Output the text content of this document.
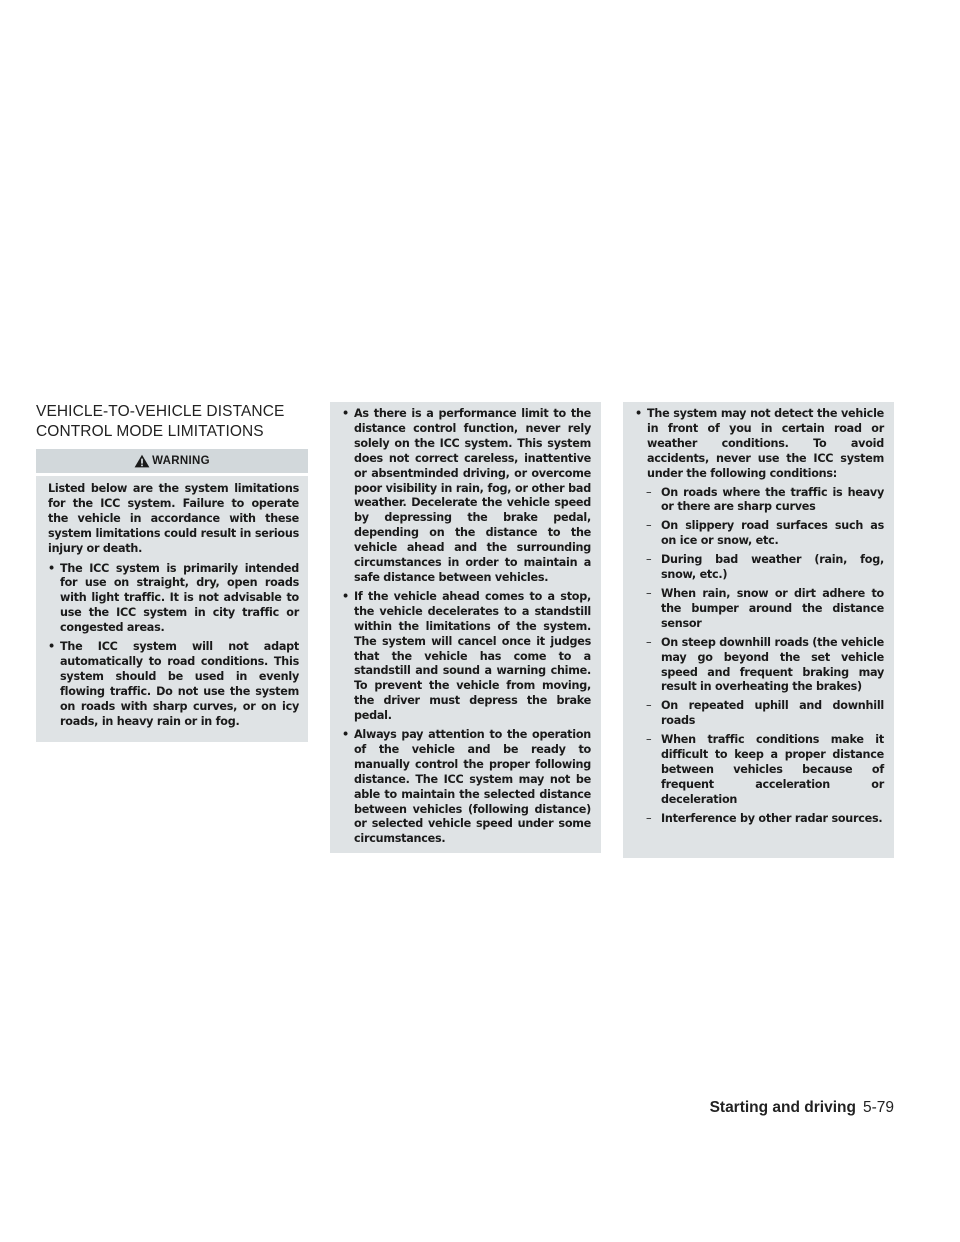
VEHICLE-TO-VEHICLE DISTANCE CONTROL MODE LIMITATIONS
WARNING
Listed below are the system limitations for the ICC system. Failure to operate the vehicle in accordance with these system limitations could result in serious injury or death.
• The ICC system is primarily intended for use on straight, dry, open roads with light traffic. It is not advisable to use the ICC system in city traffic or congested areas.
• The ICC system will not adapt automatically to road conditions. This system should be used in evenly flowing traffic. Do not use the system on roads with sharp curves, or on icy roads, in heavy rain or in fog.
• As there is a performance limit to the distance control function, never rely solely on the ICC system. This system does not correct careless, inattentive or absentminded driving, or overcome poor visibility in rain, fog, or other bad weather. Decelerate the vehicle speed by depressing the brake pedal, depending on the distance to the vehicle ahead and the surrounding circumstances in order to maintain a safe distance between vehicles.
• If the vehicle ahead comes to a stop, the vehicle decelerates to a standstill within the limitations of the system. The system will cancel once it judges that the vehicle has come to a standstill and sound a warning chime. To prevent the vehicle from moving, the driver must depress the brake pedal.
• Always pay attention to the operation of the vehicle and be ready to manually control the proper following distance. The ICC system may not be able to maintain the selected distance between vehicles (following distance) or selected vehicle speed under some circumstances.
• The system may not detect the vehicle in front of you in certain road or weather conditions. To avoid accidents, never use the ICC system under the following conditions:
– On roads where the traffic is heavy or there are sharp curves
– On slippery road surfaces such as on ice or snow, etc.
– During bad weather (rain, fog, snow, etc.)
– When rain, snow or dirt adhere to the bumper around the distance sensor
– On steep downhill roads (the vehicle may go beyond the set vehicle speed and frequent braking may result in overheating the brakes)
– On repeated uphill and downhill roads
– When traffic conditions make it difficult to keep a proper distance between vehicles because of frequent acceleration or deceleration
– Interference by other radar sources.
Starting and driving 5-79
